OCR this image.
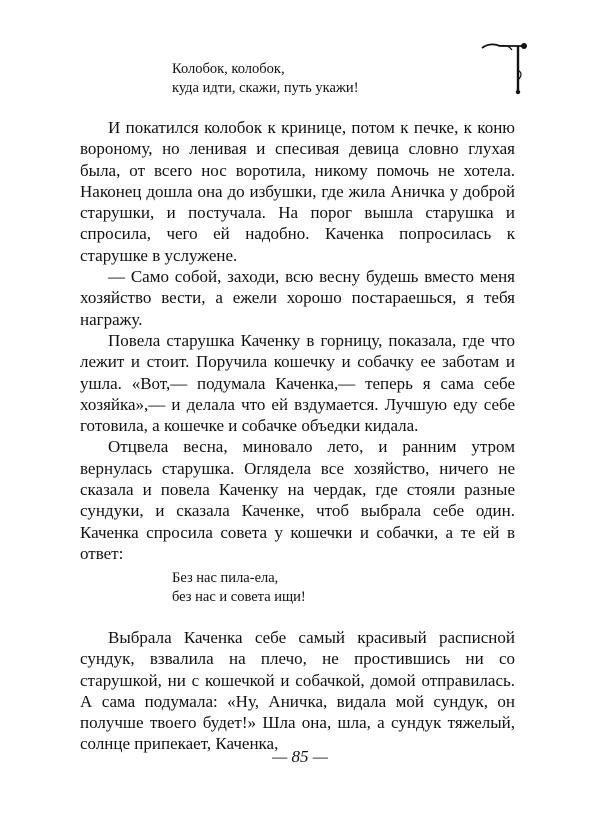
Колобок, колобок,
куда идти, скажи, путь укажи!

И покатился колобок к кринице, потом к печке, к коню вороному, но ленивая и спесивая девица словно глухая была, от всего нос воротила, никому помочь не хотела. Наконец дошла она до избушки, где жила Аничка у доброй старушки, и постучала. На порог вышла старушка и спросила, чего ей надобно. Каченка попросилась к старушке в услужене.

— Само собой, заходи, всю весну будешь вместо меня хозяйство вести, а ежели хорошо постараешься, я тебя награжу.

Повела старушка Каченку в горницу, показала, где что лежит и стоит. Поручила кошечку и собачку ее заботам и ушла. «Вот,— подумала Каченка,— теперь я сама себе хозяйка»,— и делала что ей вздумается. Лучшую еду себе готовила, а кошечке и собачке объедки кидала.

Отцвела весна, миновало лето, и ранним утром вернулась старушка. Оглядела все хозяйство, ничего не сказала и повела Каченку на чердак, где стояли разные сундуки, и сказала Каченке, чтоб выбрала себе один. Каченка спросила совета у кошечки и собачки, а те ей в ответ:

Без нас пила-ела,
без нас и совета ищи!

Выбрала Каченка себе самый красивый расписной сундук, взвалила на плечо, не простившись ни со старушкой, ни с кошечкой и собачкой, домой отправилась. А сама подумала: «Ну, Аничка, видала мой сундук, он получше твоего будет!» Шла она, шла, а сундук тяжелый, солнце припекает, Каченка,

— 85 —
